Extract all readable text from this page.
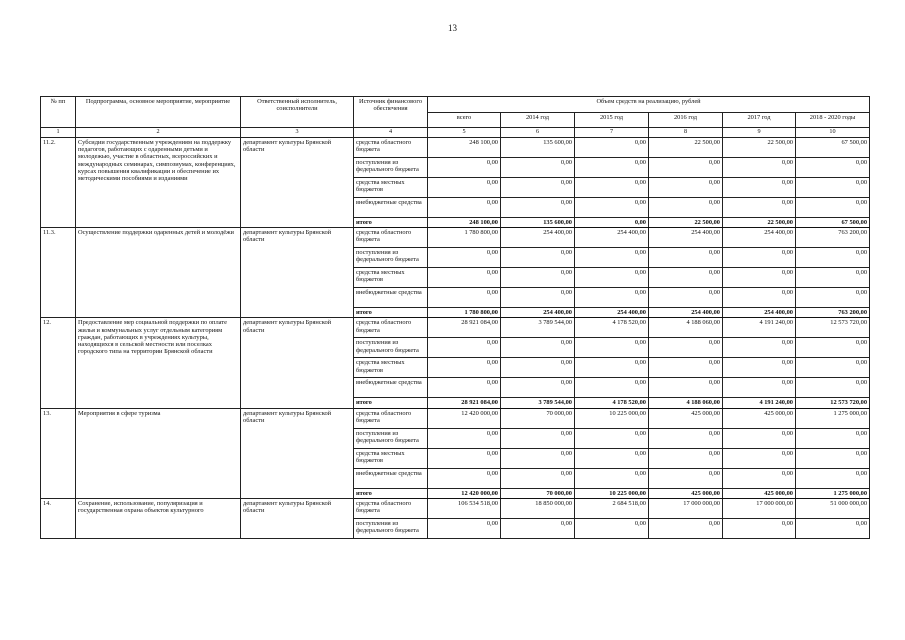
13
№ пп	Подпрограмма, основное мероприятие, мероприятие	Ответственный исполнитель, соисполнители	Источник финансового обеспечения	Объем средств на реализацию, рублей					
				всего	2014 год	2015 год	2016 год	2017 год	2018 - 2020 годы
1	2	3	4	5	6	7	8	9	10
11.2.	Субсидии государственным учреждениям на поддержку педагогов, работающих с одаренными детьми и молодежью, участие в областных, всероссийских и международных семинарах, симпозиумах, конференциях, курсах повышения квалификации и обеспечение их методическими пособиями и изданиями	департамент культуры Брянской области	средства областного бюджета	248 100,00	135 600,00	0,00	22 500,00	22 500,00	67 500,00
			поступления из федерального бюджета	0,00	0,00	0,00	0,00	0,00	0,00
			средства местных бюджетов	0,00	0,00	0,00	0,00	0,00	0,00
			внебюджетные средства	0,00	0,00	0,00	0,00	0,00	0,00
			итого	248 100,00	135 600,00	0,00	22 500,00	22 500,00	67 500,00
11.3.	Осуществление поддержки одаренных детей и молодёжи	департамент культуры Брянской области	средства областного бюджета	1 780 800,00	254 400,00	254 400,00	254 400,00	254 400,00	763 200,00
			поступления из федерального бюджета	0,00	0,00	0,00	0,00	0,00	0,00
			средства местных бюджетов	0,00	0,00	0,00	0,00	0,00	0,00
			внебюджетные средства	0,00	0,00	0,00	0,00	0,00	0,00
			итого	1 780 800,00	254 400,00	254 400,00	254 400,00	254 400,00	763 200,00
12.	Предоставление мер социальной поддержки по оплате жилья и коммунальных услуг отдельным категориям граждан, работающих в учреждениях культуры, находящихся в сельской местности или поселках городского типа на территории Брянской области	департамент культуры Брянской области	средства областного бюджета	28 921 084,00	3 789 544,00	4 178 520,00	4 188 060,00	4 191 240,00	12 573 720,00
			поступления из федерального бюджета	0,00	0,00	0,00	0,00	0,00	0,00
			средства местных бюджетов	0,00	0,00	0,00	0,00	0,00	0,00
			внебюджетные средства	0,00	0,00	0,00	0,00	0,00	0,00
			итого	28 921 084,00	3 789 544,00	4 178 520,00	4 188 060,00	4 191 240,00	12 573 720,00
13.	Мероприятия в сфере туризма	департамент культуры Брянской области	средства областного бюджета	12 420 000,00	70 000,00	10 225 000,00	425 000,00	425 000,00	1 275 000,00
			поступления из федерального бюджета	0,00	0,00	0,00	0,00	0,00	0,00
			средства местных бюджетов	0,00	0,00	0,00	0,00	0,00	0,00
			внебюджетные средства	0,00	0,00	0,00	0,00	0,00	0,00
			итого	12 420 000,00	70 000,00	10 225 000,00	425 000,00	425 000,00	1 275 000,00
14.	Сохранение, использование, популяризация и государственная охрана объектов культурного	департамент культуры Брянской области	средства областного бюджета	106 534 518,00	18 850 000,00	2 684 518,00	17 000 000,00	17 000 000,00	51 000 000,00
			поступления из федерального бюджета	0,00	0,00	0,00	0,00	0,00	0,00
